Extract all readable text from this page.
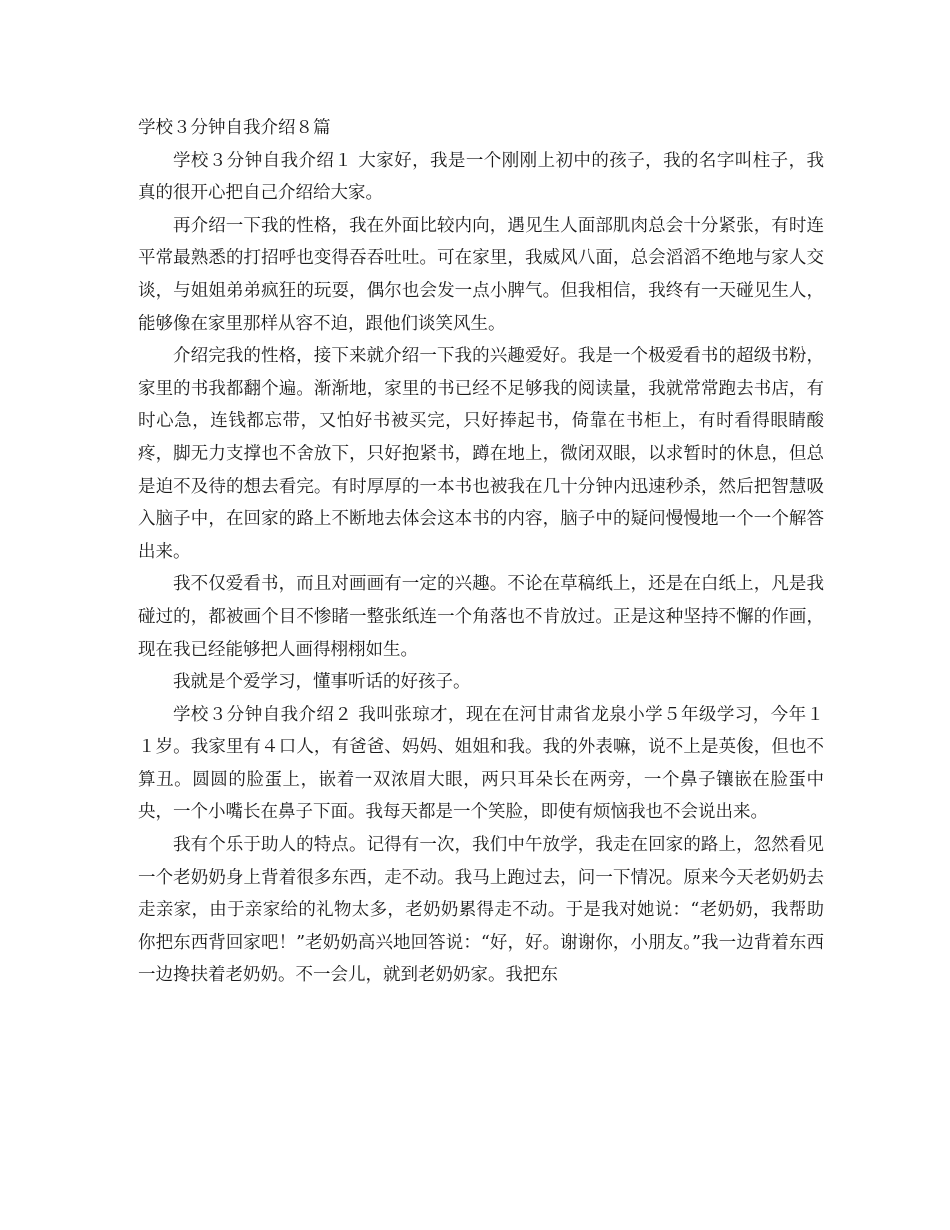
学校３分钟自我介绍８篇

学校３分钟自我介绍１ 大家好，我是一个刚刚上初中的孩子，我的名字叫柱子，我真的很开心把自己介绍给大家。

再介绍一下我的性格，我在外面比较内向，遇见生人面部肌肉总会十分紧张，有时连平常最熟悉的打招呼也变得吞吞吐吐。可在家里，我威风八面，总会滔滔不绝地与家人交谈，与姐姐弟弟疯狂的玩耍，偶尔也会发一点小脾气。但我相信，我终有一天碰见生人，能够像在家里那样从容不迫，跟他们谈笑风生。

介绍完我的性格，接下来就介绍一下我的兴趣爱好。我是一个极爱看书的超级书粉，家里的书我都翻个遍。渐渐地，家里的书已经不足够我的阅读量，我就常常跑去书店，有时心急，连钱都忘带，又怕好书被买完，只好捧起书，倚靠在书柜上，有时看得眼睛酸疼，脚无力支撑也不舍放下，只好抱紧书，蹲在地上，微闭双眼，以求暂时的休息，但总是迫不及待的想去看完。有时厚厚的一本书也被我在几十分钟内迅速秒杀，然后把智慧吸入脑子中，在回家的路上不断地去体会这本书的内容，脑子中的疑问慢慢地一个一个解答出来。

我不仅爱看书，而且对画画有一定的兴趣。不论在草稿纸上，还是在白纸上，凡是我碰过的，都被画个目不惨睹一整张纸连一个角落也不肯放过。正是这种坚持不懈的作画，现在我已经能够把人画得栩栩如生。

我就是个爱学习，懂事听话的好孩子。

学校３分钟自我介绍２ 我叫张琼才，现在在河甘肃省龙泉小学５年级学习，今年１１岁。我家里有４口人，有爸爸、妈妈、姐姐和我。我的外表嘛，说不上是英俊，但也不算丑。圆圆的脸蛋上，嵌着一双浓眉大眼，两只耳朵长在两旁，一个鼻子镶嵌在脸蛋中央，一个小嘴长在鼻子下面。我每天都是一个笑脸，即使有烦恼我也不会说出来。

我有个乐于助人的特点。记得有一次，我们中午放学，我走在回家的路上，忽然看见一个老奶奶身上背着很多东西，走不动。我马上跑过去，问一下情况。原来今天老奶奶去走亲家，由于亲家给的礼物太多，老奶奶累得走不动。于是我对她说：“老奶奶，我帮助你把东西背回家吧！”老奶奶高兴地回答说：“好，好。谢谢你，小朋友。”我一边背着东西一边搀扶着老奶奶。不一会儿，就到老奶奶家。我把东
